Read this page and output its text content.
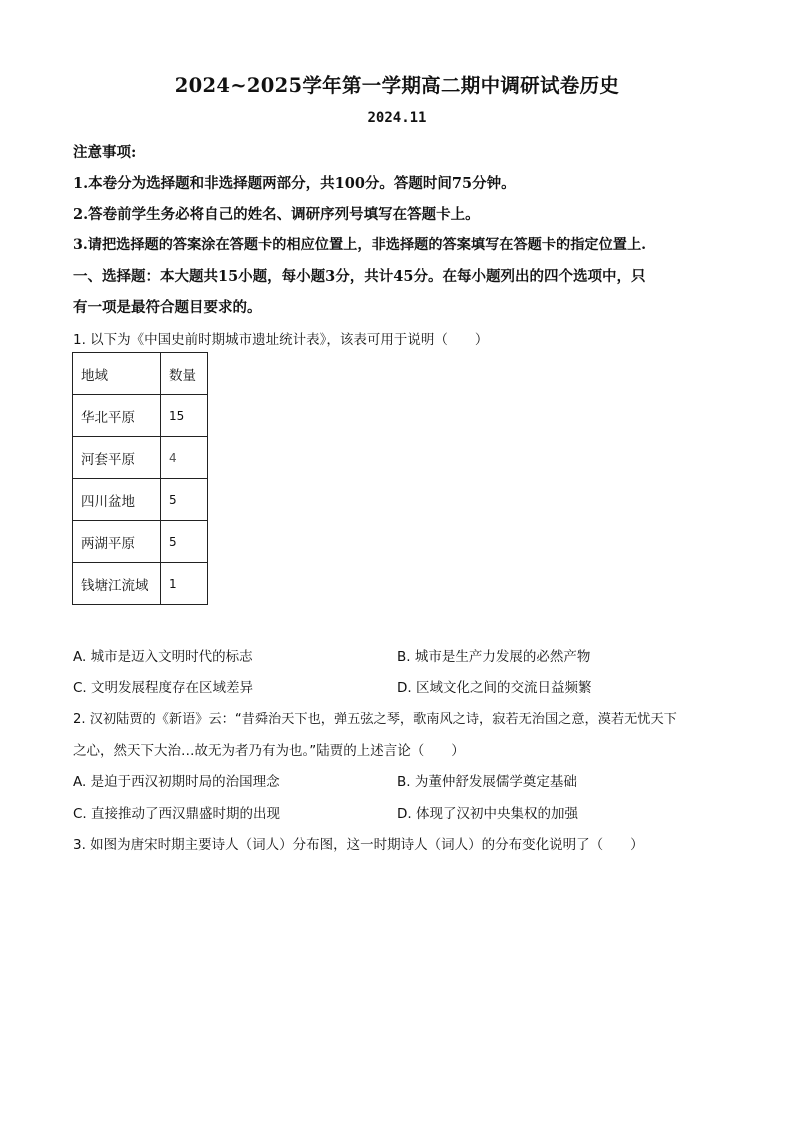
2024~2025学年第一学期高二期中调研试卷历史
2024.11
注意事项:
1.本卷分为选择题和非选择题两部分，共100分。答题时间75分钟。
2.答卷前学生务必将自己的姓名、调研序列号填写在答题卡上。
3.请把选择题的答案涂在答题卡的相应位置上，非选择题的答案填写在答题卡的指定位置上.
一、选择题：本大题共15小题，每小题3分，共计45分。在每小题列出的四个选项中，只
有一项是最符合题目要求的。
1. 以下为《中国史前时期城市遗址统计表》，该表可用于说明（　　）
地域	数量
华北平原	15
河套平原	4
四川盆地	5
两湖平原	5
钱塘江流域	1
A. 城市是迈入文明时代的标志	B. 城市是生产力发展的必然产物
C. 文明发展程度存在区域差异	D. 区域文化之间的交流日益频繁
2. 汉初陆贾的《新语》云：“昔舜治天下也，弹五弦之琴，歌南风之诗，寂若无治国之意，漠若无忧天下
之心，然天下大治…故无为者乃有为也。”陆贾的上述言论（　　）
A. 是迫于西汉初期时局的治国理念	B. 为董仲舒发展儒学奠定基础
C. 直接推动了西汉鼎盛时期的出现	D. 体现了汉初中央集权的加强
3. 如图为唐宋时期主要诗人（词人）分布图，这一时期诗人（词人）的分布变化说明了（　　）
